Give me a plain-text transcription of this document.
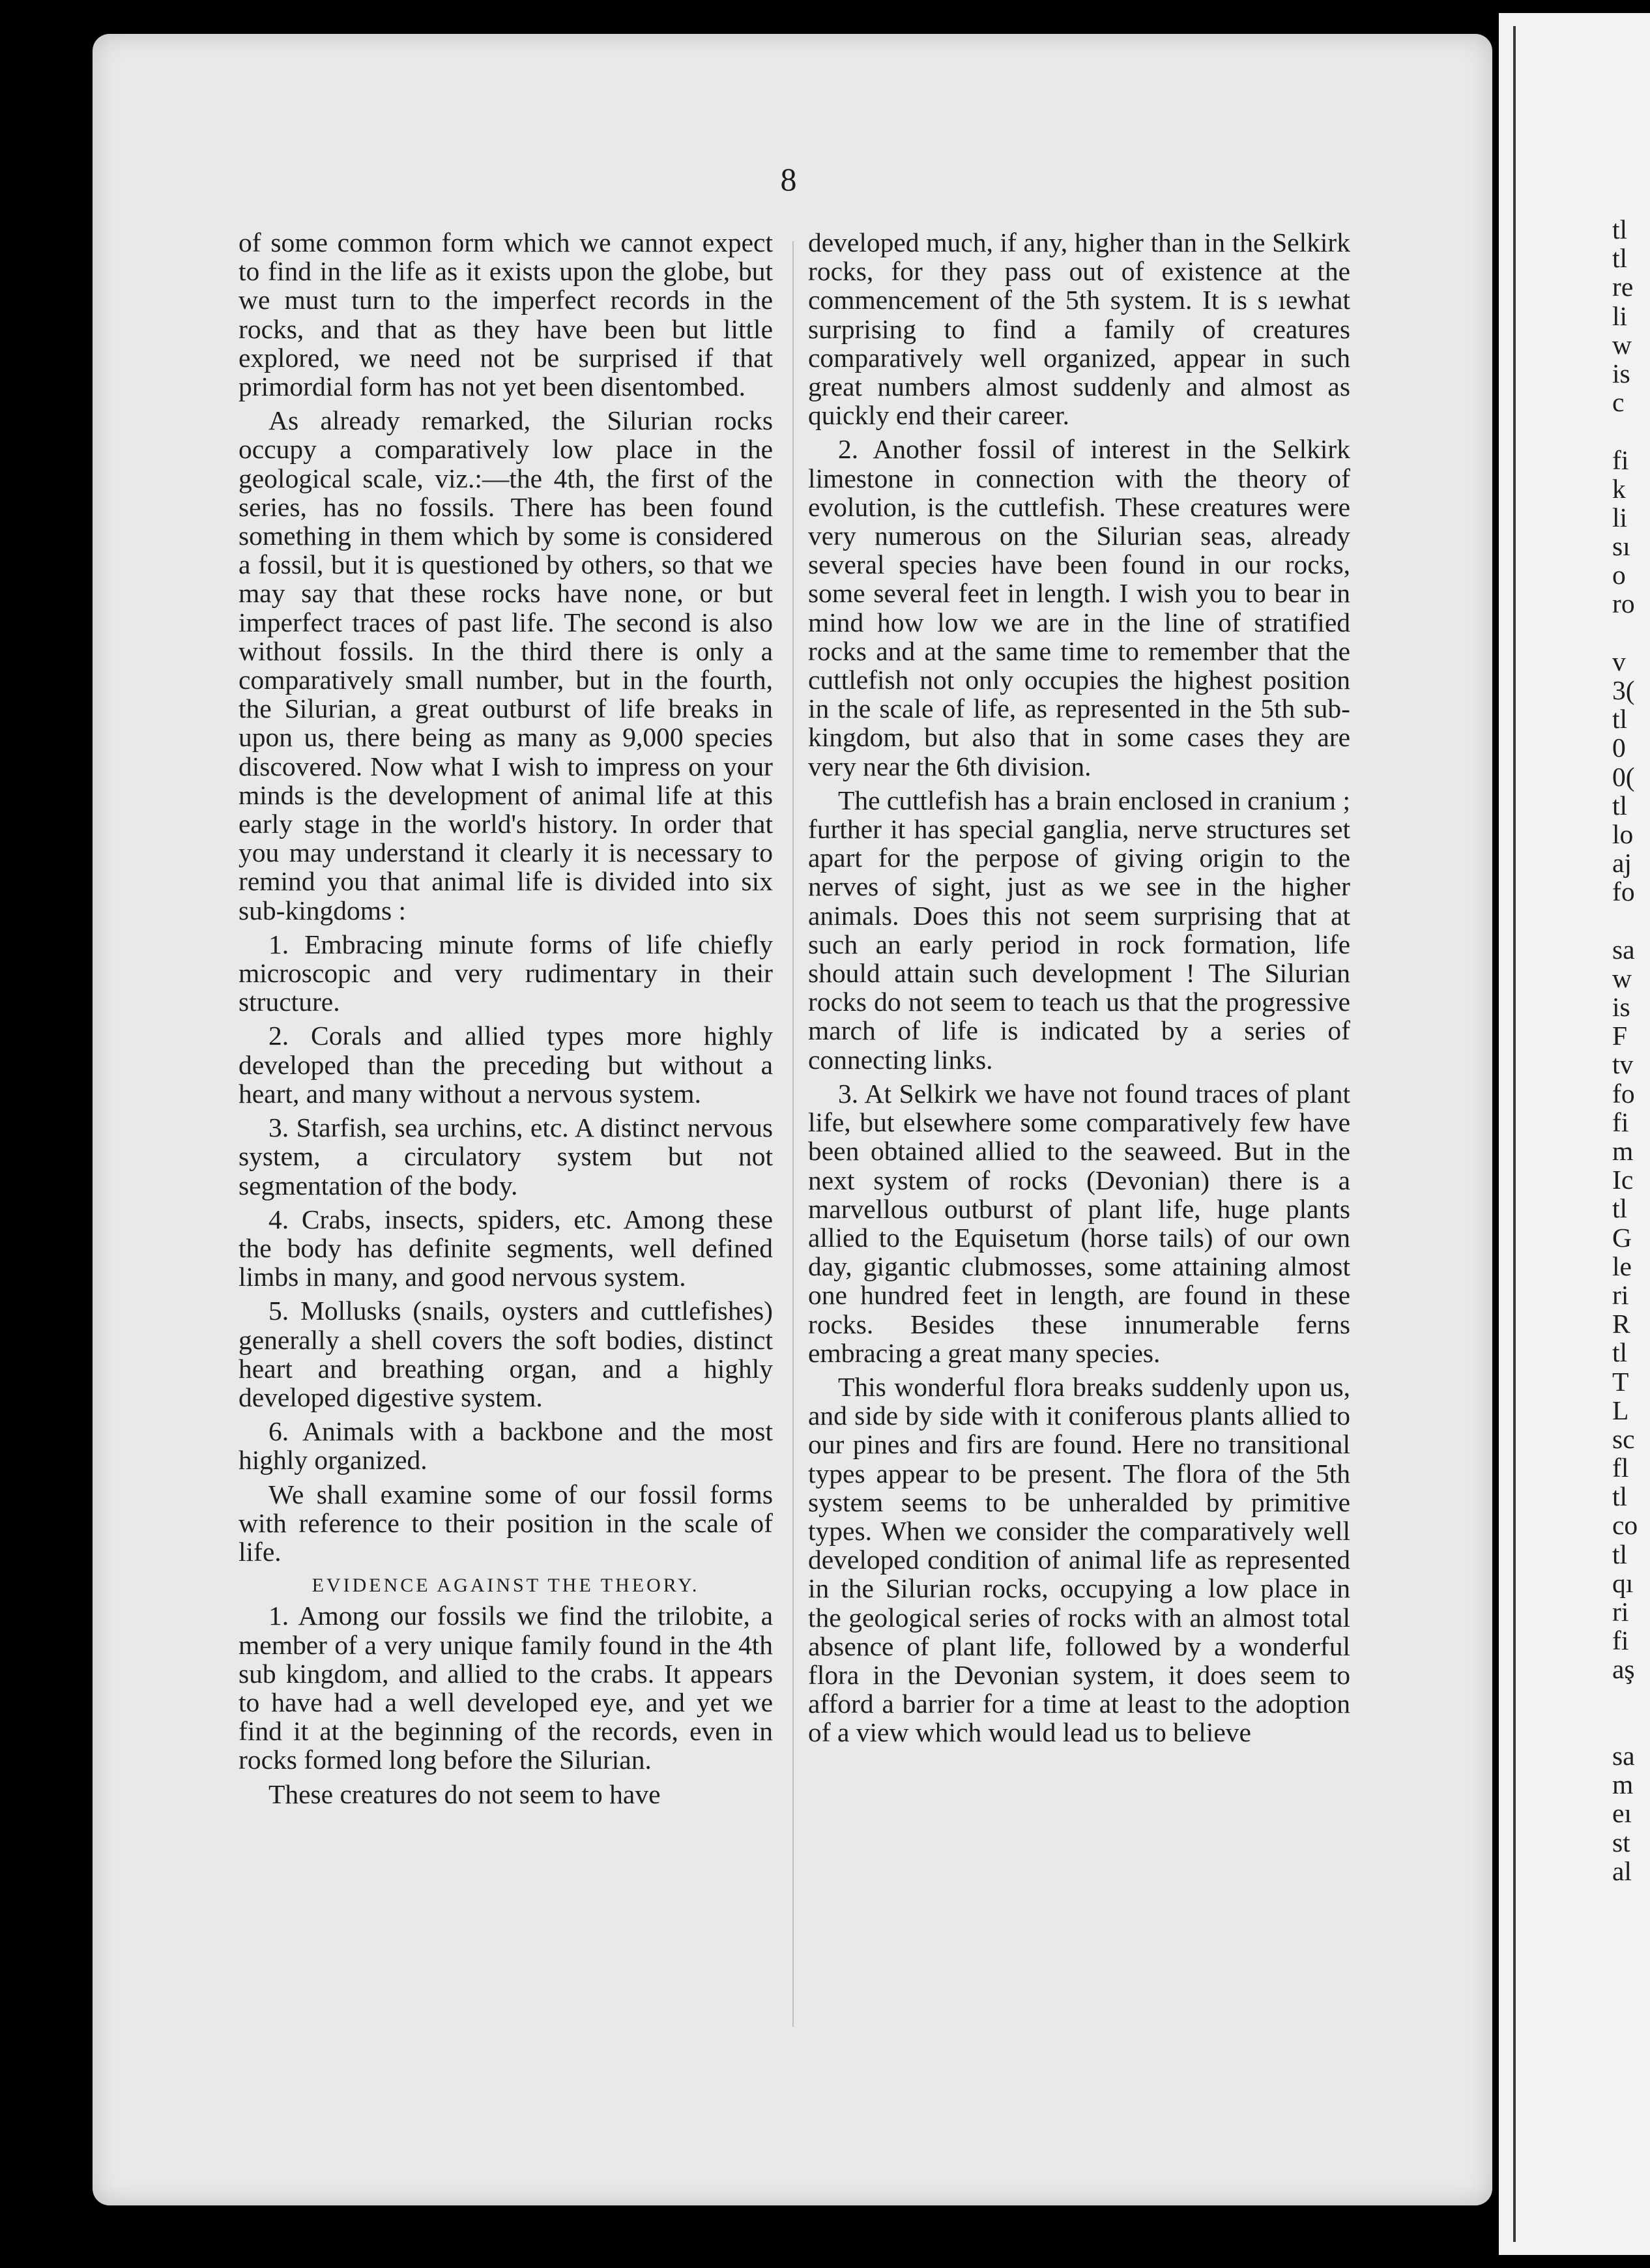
8

of some common form which we cannot expect to find in the life as it exists upon the globe, but we must turn to the imperfect records in the rocks, and that as they have been but little explored, we need not be surprised if that primordial form has not yet been disentombed.

As already remarked, the Silurian rocks occupy a comparatively low place in the geological scale, viz.:—the 4th, the first of the series, has no fossils. There has been found something in them which by some is considered a fossil, but it is questioned by others, so that we may say that these rocks have none, or but imperfect traces of past life. The second is also without fossils. In the third there is only a comparatively small number, but in the fourth, the Silurian, a great outburst of life breaks in upon us, there being as many as 9,000 species discovered. Now what I wish to impress on your minds is the development of animal life at this early stage in the world's history. In order that you may understand it clearly it is necessary to remind you that animal life is divided into six sub-kingdoms :

1. Embracing minute forms of life chiefly microscopic and very rudimentary in their structure.

2. Corals and allied types more highly developed than the preceding but without a heart, and many without a nervous system.

3. Starfish, sea urchins, etc. A distinct nervous system, a circulatory system but not segmentation of the body.

4. Crabs, insects, spiders, etc. Among these the body has definite segments, well defined limbs in many, and good nervous system.

5. Mollusks (snails, oysters and cuttlefishes) generally a shell covers the soft bodies, distinct heart and breathing organ, and a highly developed digestive system.

6. Animals with a backbone and the most highly organized.

We shall examine some of our fossil forms with reference to their position in the scale of life.

EVIDENCE AGAINST THE THEORY.

1. Among our fossils we find the trilobite, a member of a very unique family found in the 4th sub kingdom, and allied to the crabs. It appears to have had a well developed eye, and yet we find it at the beginning of the records, even in rocks formed long before the Silurian.

These creatures do not seem to have

developed much, if any, higher than in the Selkirk rocks, for they pass out of existence at the commencement of the 5th system. It is s ıewhat surprising to find a family of creatures comparatively well organized, appear in such great numbers almost suddenly and almost as quickly end their career.

2. Another fossil of interest in the Selkirk limestone in connection with the theory of evolution, is the cuttlefish. These creatures were very numerous on the Silurian seas, already several species have been found in our rocks, some several feet in length. I wish you to bear in mind how low we are in the line of stratified rocks and at the same time to remember that the cuttlefish not only occupies the highest position in the scale of life, as represented in the 5th sub-kingdom, but also that in some cases they are very near the 6th division.

The cuttlefish has a brain enclosed in cranium ; further it has special ganglia, nerve structures set apart for the perpose of giving origin to the nerves of sight, just as we see in the higher animals. Does this not seem surprising that at such an early period in rock formation, life should attain such development ! The Silurian rocks do not seem to teach us that the progressive march of life is indicated by a series of connecting links.

3. At Selkirk we have not found traces of plant life, but elsewhere some comparatively few have been obtained allied to the seaweed. But in the next system of rocks (Devonian) there is a marvellous outburst of plant life, huge plants allied to the Equisetum (horse tails) of our own day, gigantic clubmosses, some attaining almost one hundred feet in length, are found in these rocks. Besides these innumerable ferns embracing a great many species.

This wonderful flora breaks suddenly upon us, and side by side with it coniferous plants allied to our pines and firs are found. Here no transitional types appear to be present. The flora of the 5th system seems to be unheralded by primitive types. When we consider the comparatively well developed condition of animal life as represented in the Silurian rocks, occupying a low place in the geological series of rocks with an almost total absence of plant life, followed by a wonderful flora in the Devonian system, it does seem to afford a barrier for a time at least to the adoption of a view which would lead us to believe

tl
tl
re
li
w
is
c
fi
k
li
sı
o
ro
v
3(
tl
0
0(
tl
lo
aj
fo
sa
w
is
F
tv
fo
fi
m
Ic
tl
G
le
ri
R
tl
T
L
sc
fl
tl
co
tl
qı
ri
fi
aş
sa
m
eı
st
al
